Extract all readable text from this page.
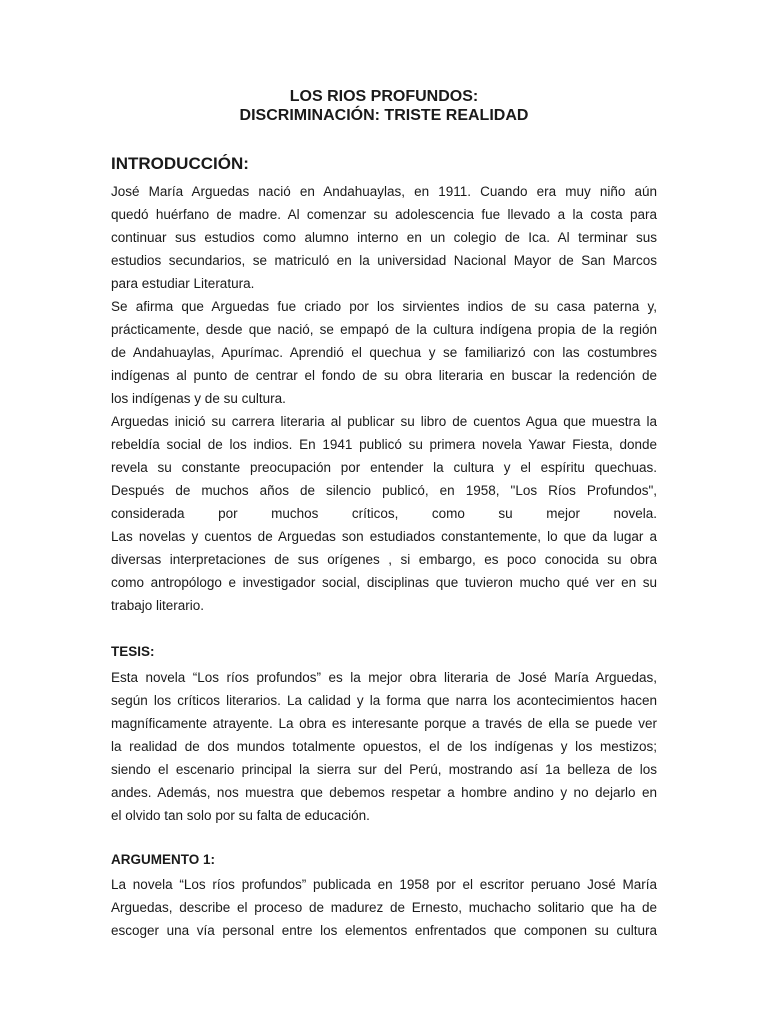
LOS RIOS PROFUNDOS:
DISCRIMINACIÓN: TRISTE REALIDAD
INTRODUCCIÓN:
José María Arguedas nació en Andahuaylas, en 1911. Cuando era muy niño aún
quedó huérfano de madre. Al comenzar su adolescencia fue llevado a la costa para
continuar sus estudios como alumno interno en un colegio de Ica. Al terminar sus
estudios secundarios, se matriculó en la universidad Nacional Mayor de San Marcos
para estudiar Literatura.
Se afirma que Arguedas fue criado por los sirvientes indios de su casa paterna y,
prácticamente, desde que nació, se empapó de la cultura indígena propia de la región
de Andahuaylas, Apurímac. Aprendió el quechua y se familiarizó con las costumbres
indígenas al punto de centrar el fondo de su obra literaria en buscar la redención de
los indígenas y de su cultura.
Arguedas inició su carrera literaria al publicar su libro de cuentos Agua que muestra la
rebeldía social de los indios. En 1941 publicó su primera novela Yawar Fiesta, donde
revela su constante preocupación por entender la cultura y el espíritu quechuas.
Después de muchos años de silencio publicó, en 1958, "Los Ríos Profundos",
considerada por muchos críticos, como su mejor novela.
Las novelas y cuentos de Arguedas son estudiados constantemente, lo que da lugar a
diversas interpretaciones de sus orígenes , si embargo, es poco conocida su obra
como antropólogo e investigador social, disciplinas que tuvieron mucho qué ver en su
trabajo literario.
TESIS:
Esta novela “Los ríos profundos” es la mejor obra literaria de José María Arguedas,
según los críticos literarios. La calidad y la forma que narra los acontecimientos hacen
magníficamente atrayente. La obra es interesante porque a través de ella se puede ver
la realidad de dos mundos totalmente opuestos, el de los indígenas y los mestizos;
siendo el escenario principal la sierra sur del Perú, mostrando así 1a belleza de los
andes. Además, nos muestra que debemos respetar a hombre andino y no dejarlo en
el olvido tan solo por su falta de educación.
ARGUMENTO 1:
La novela “Los ríos profundos” publicada en 1958 por el escritor peruano José María
Arguedas, describe el proceso de madurez de Ernesto, muchacho solitario que ha de
escoger una vía personal entre los elementos enfrentados que componen su cultura
